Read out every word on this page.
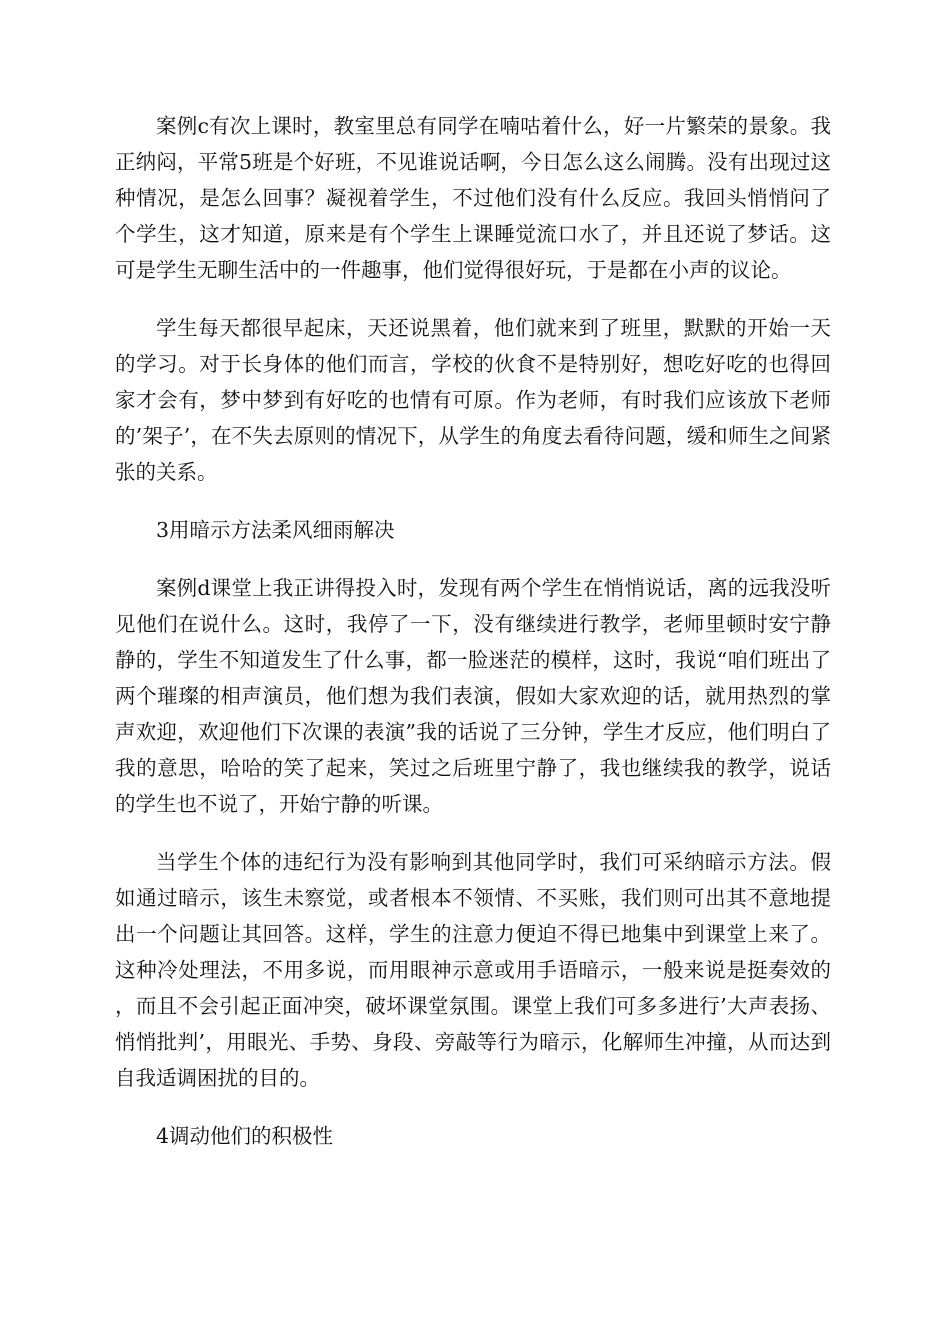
案例c有次上课时，教室里总有同学在喃咕着什么，好一片繁荣的景象。我正纳闷，平常5班是个好班，不见谁说话啊，今日怎么这么闹腾。没有出现过这种情况，是怎么回事？凝视着学生，不过他们没有什么反应。我回头悄悄问了个学生，这才知道，原来是有个学生上课睡觉流口水了，并且还说了梦话。这可是学生无聊生活中的一件趣事，他们觉得很好玩，于是都在小声的议论。

学生每天都很早起床，天还说黑着，他们就来到了班里，默默的开始一天的学习。对于长身体的他们而言，学校的伙食不是特别好，想吃好吃的也得回家才会有，梦中梦到有好吃的也情有可原。作为老师，有时我们应该放下老师的’架子’，在不失去原则的情况下，从学生的角度去看待问题，缓和师生之间紧张的关系。

3用暗示方法柔风细雨解决

案例d课堂上我正讲得投入时，发现有两个学生在悄悄说话，离的远我没听见他们在说什么。这时，我停了一下，没有继续进行教学，老师里顿时安宁静静的，学生不知道发生了什么事，都一脸迷茫的模样，这时，我说“咱们班出了两个璀璨的相声演员，他们想为我们表演，假如大家欢迎的话，就用热烈的掌声欢迎，欢迎他们下次课的表演”我的话说了三分钟，学生才反应，他们明白了我的意思，哈哈的笑了起来，笑过之后班里宁静了，我也继续我的教学，说话的学生也不说了，开始宁静的听课。

当学生个体的违纪行为没有影响到其他同学时，我们可采纳暗示方法。假如通过暗示，该生未察觉，或者根本不领情、不买账，我们则可出其不意地提出一个问题让其回答。这样，学生的注意力便迫不得已地集中到课堂上来了。这种冷处理法，不用多说，而用眼神示意或用手语暗示，一般来说是挺奏效的，而且不会引起正面冲突，破坏课堂氛围。课堂上我们可多多进行’大声表扬、悄悄批判’，用眼光、手势、身段、旁敲等行为暗示，化解师生冲撞，从而达到自我适调困扰的目的。

4调动他们的积极性
